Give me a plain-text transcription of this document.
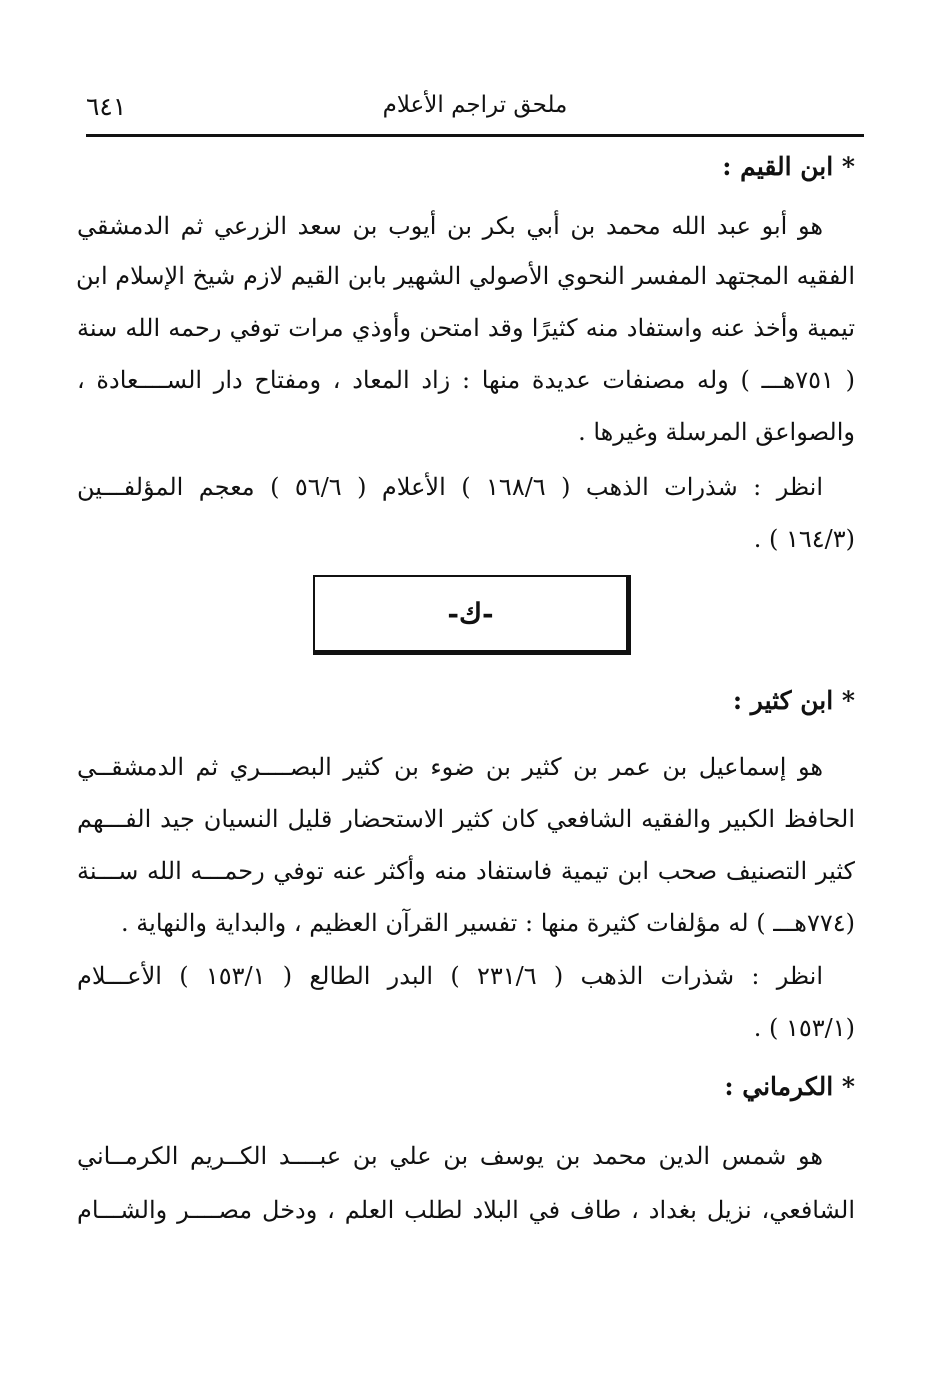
٦٤١	ملحق تراجم الأعلام
* ابن القيم :
هو أبو عبد الله محمد بن أبي بكر بن أيوب بن سعد الزرعي ثم الدمشقي
الفقيه المجتهد المفسر النحوي الأصولي الشهير بابن القيم لازم شيخ الإسلام ابن
تيمية وأخذ عنه واستفاد منه كثيرًا وقد امتحن وأوذي مرات توفي رحمه الله سنة
( ٧٥١هـــ ) وله مصنفات عديدة منها : زاد المعاد ، ومفتاح دار الســــعادة ،
والصواعق المرسلة وغيرها .
انظر : شذرات الذهب ( ١٦٨/٦ ) الأعلام ( ٥٦/٦ ) معجم المؤلفـــين
(١٦٤/٣ ) .
-ك-
* ابن كثير :
هو إسماعيل بن عمر بن كثير بن ضوء بن كثير البصــــري ثم الدمشقــي
الحافظ الكبير والفقيه الشافعي كان كثير الاستحضار قليل النسيان جيد الفـــهم
كثير التصنيف صحب ابن تيمية فاستفاد منه وأكثر عنه توفي رحمـــه الله ســـنة
(٧٧٤هـــ ) له مؤلفات كثيرة منها : تفسير القرآن العظيم ، والبداية والنهاية .
انظر : شذرات الذهب ( ٢٣١/٦ ) البدر الطالع ( ١٥٣/١ ) الأعـــلام
(١٥٣/١ ) .
* الكرماني :
هو شمس الدين محمد بن يوسف بن علي بن عبــــد الكــريم الكرمــاني
الشافعي، نزيل بغداد ، طاف في البلاد لطلب العلم ، ودخل مصــــر والشـــام
